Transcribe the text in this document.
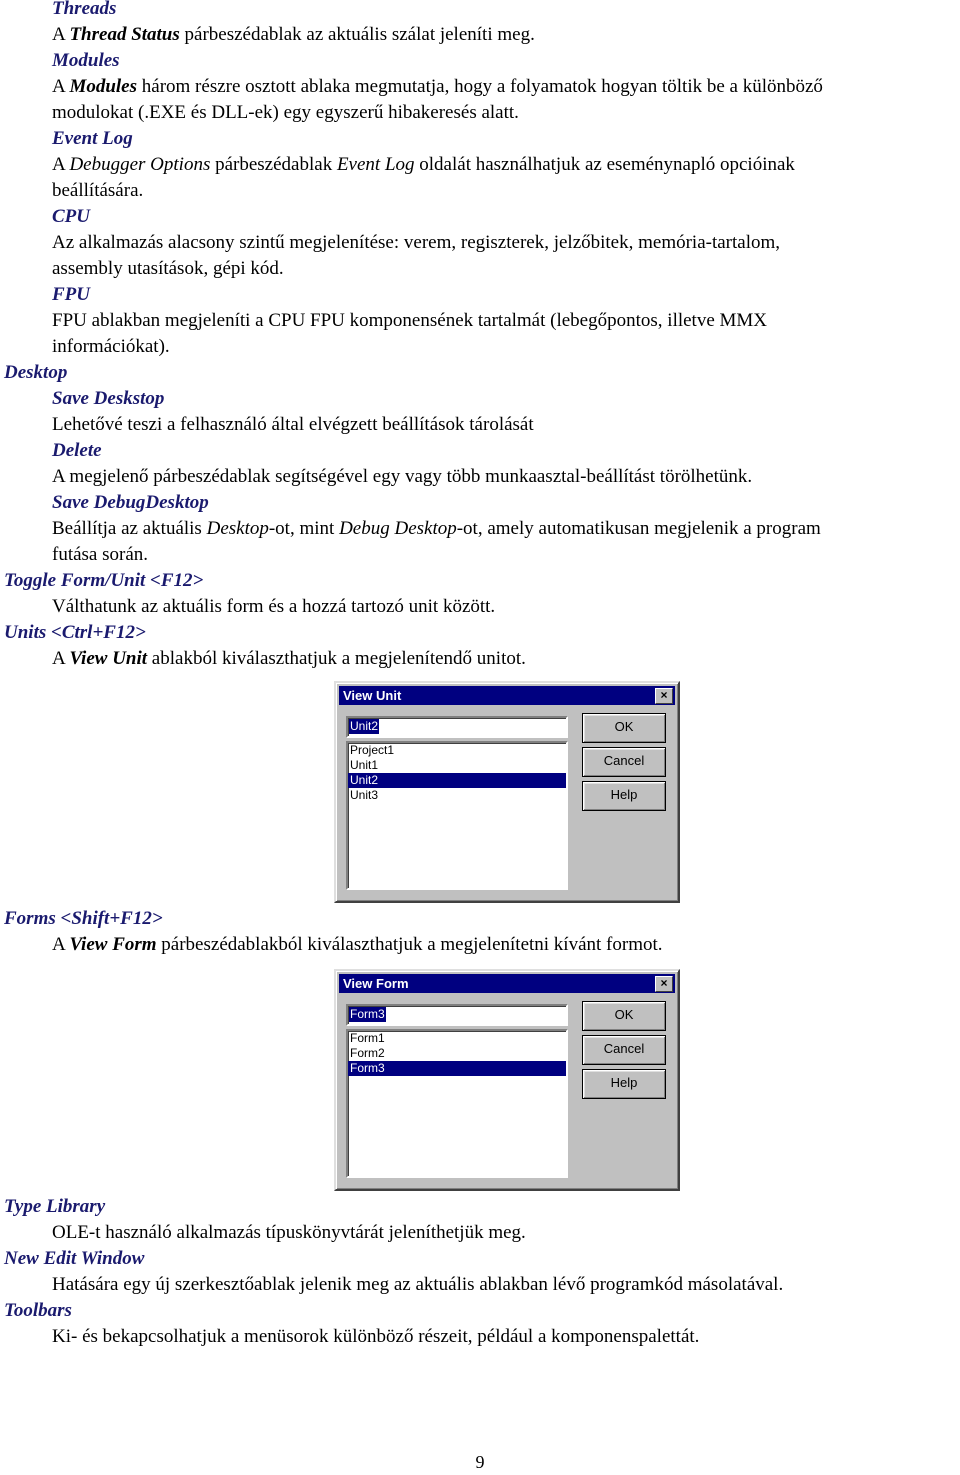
Threads
A Thread Status párbeszédablak az aktuális szálat jeleníti meg.
Modules
A Modules három részre osztott ablaka megmutatja, hogy a folyamatok hogyan töltik be a különböző
modulokat (.EXE és DLL-ek) egy egyszerű hibakeresés alatt.
Event Log
A Debugger Options párbeszédablak Event Log oldalát használhatjuk az eseménynapló opcióinak
beállítására.
CPU
Az alkalmazás alacsony szintű megjelenítése: verem, regiszterek, jelzőbitek, memória-tartalom,
assembly utasítások, gépi kód.
FPU
FPU ablakban megjeleníti a CPU FPU komponensének tartalmát (lebegőpontos, illetve MMX
információkat).
Desktop
Save Deskstop
Lehetővé teszi a felhasználó által elvégzett beállítások tárolását
Delete
A megjelenő párbeszédablak segítségével egy vagy több munkaasztal-beállítást törölhetünk.
Save DebugDesktop
Beállítja az aktuális Desktop-ot, mint Debug Desktop-ot, amely automatikusan megjelenik a program
futása során.
Toggle Form/Unit <F12>
Válthatunk az aktuális form és a hozzá tartozó unit között.
Units <Ctrl+F12>
A View Unit ablakból kiválaszthatjuk a megjelenítendő unitot.
View Unit	×
Unit2
Project1
Unit1
Unit2
Unit3
OK
Cancel
Help
Forms <Shift+F12>
A View Form párbeszédablakból kiválaszthatjuk a megjelenítetni kívánt formot.
View Form	×
Form3
Form1
Form2
Form3
OK
Cancel
Help
Type Library
OLE-t használó alkalmazás típuskönyvtárát jeleníthetjük meg.
New Edit Window
Hatására egy új szerkesztőablak jelenik meg az aktuális ablakban lévő programkód másolatával.
Toolbars
Ki- és bekapcsolhatjuk a menüsorok különböző részeit, például a komponenspalettát.
9
